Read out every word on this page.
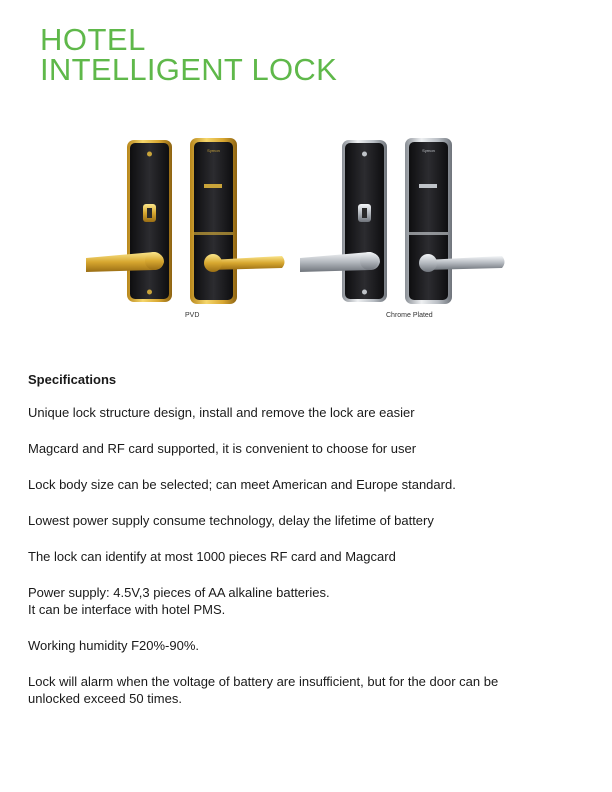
HOTEL
INTELLIGENT LOCK
Syrnon	Syrnon
PVD	Chrome Plated
Specifications
Unique lock structure design, install and remove the lock are easier
Magcard and RF card supported, it is convenient to choose for user
Lock body size can be selected; can meet American and Europe standard.
Lowest power supply consume technology, delay the lifetime of battery
The lock can identify at most 1000 pieces RF card and Magcard
Power supply: 4.5V,3 pieces of AA alkaline batteries.
It can be interface with hotel PMS.
Working humidity F20%-90%.
Lock will alarm when the voltage of battery are insufficient, but for the door can be
unlocked exceed 50 times.
